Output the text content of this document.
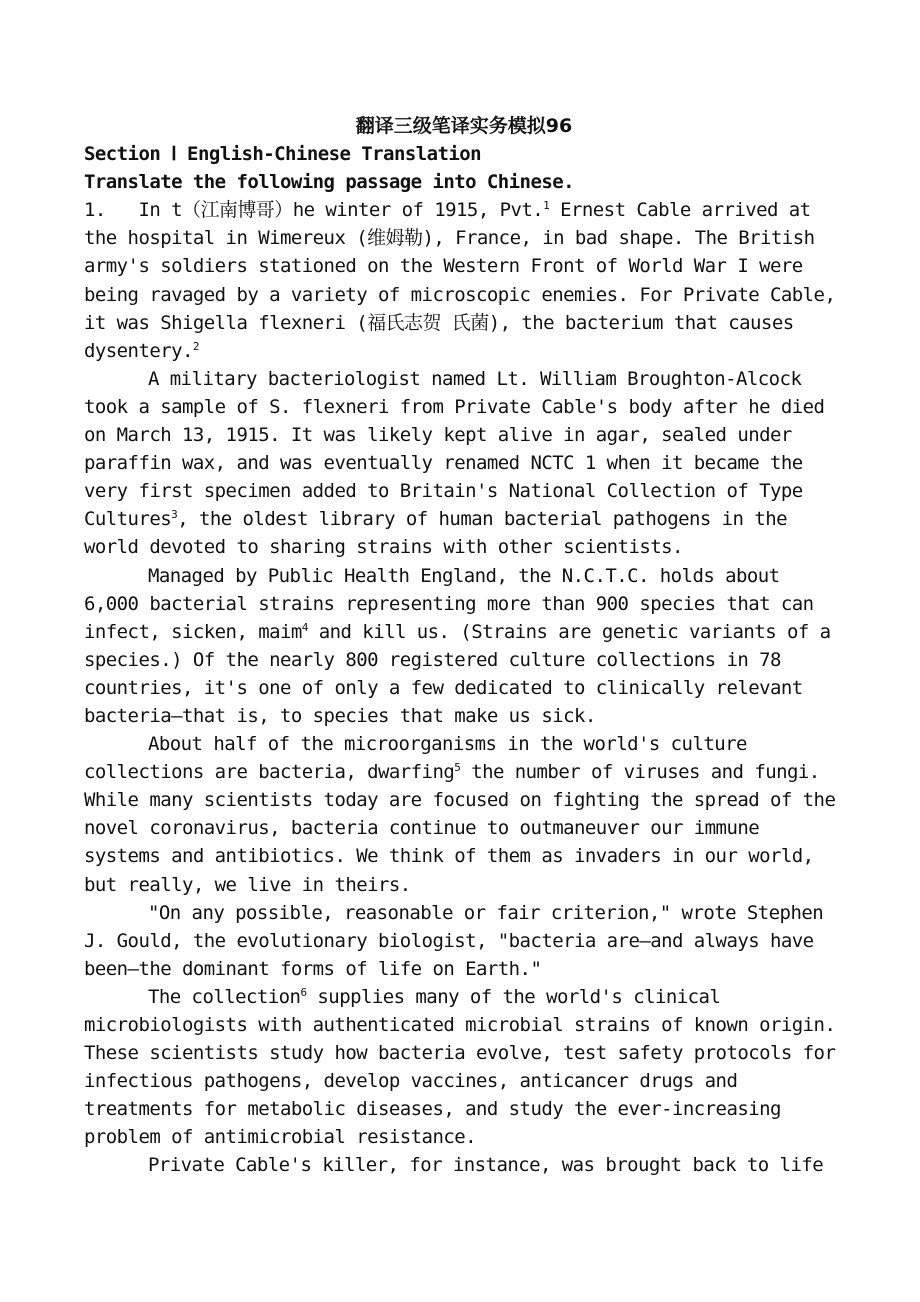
翻译三级笔译实务模拟96
Section Ⅰ English-Chinese Translation
Translate the following passage into Chinese.
1.   In t（江南博哥）he winter of 1915, Pvt.$^1$ Ernest Cable arrived at
the hospital in Wimereux (维姆勒), France, in bad shape. The British
army's soldiers stationed on the Western Front of World War I were
being ravaged by a variety of microscopic enemies. For Private Cable,
it was Shigella flexneri (福氏志贺 氏菌), the bacterium that causes
dysentery.$^2$
A military bacteriologist named Lt. William Broughton-Alcock
took a sample of S. flexneri from Private Cable's body after he died
on March 13, 1915. It was likely kept alive in agar, sealed under
paraffin wax, and was eventually renamed NCTC 1 when it became the
very first specimen added to Britain's National Collection of Type
Cultures$^3$, the oldest library of human bacterial pathogens in the
world devoted to sharing strains with other scientists.
Managed by Public Health England, the N.C.T.C. holds about
6,000 bacterial strains representing more than 900 species that can
infect, sicken, maim$^4$ and kill us. (Strains are genetic variants of a
species.) Of the nearly 800 registered culture collections in 78
countries, it's one of only a few dedicated to clinically relevant
bacteria—that is, to species that make us sick.
About half of the microorganisms in the world's culture
collections are bacteria, dwarfing$^5$ the number of viruses and fungi.
While many scientists today are focused on fighting the spread of the
novel coronavirus, bacteria continue to outmaneuver our immune
systems and antibiotics. We think of them as invaders in our world,
but really, we live in theirs.
"On any possible, reasonable or fair criterion," wrote Stephen
J. Gould, the evolutionary biologist, "bacteria are—and always have
been—the dominant forms of life on Earth."
The collection$^6$ supplies many of the world's clinical
microbiologists with authenticated microbial strains of known origin.
These scientists study how bacteria evolve, test safety protocols for
infectious pathogens, develop vaccines, anticancer drugs and
treatments for metabolic diseases, and study the ever-increasing
problem of antimicrobial resistance.
Private Cable's killer, for instance, was brought back to life
